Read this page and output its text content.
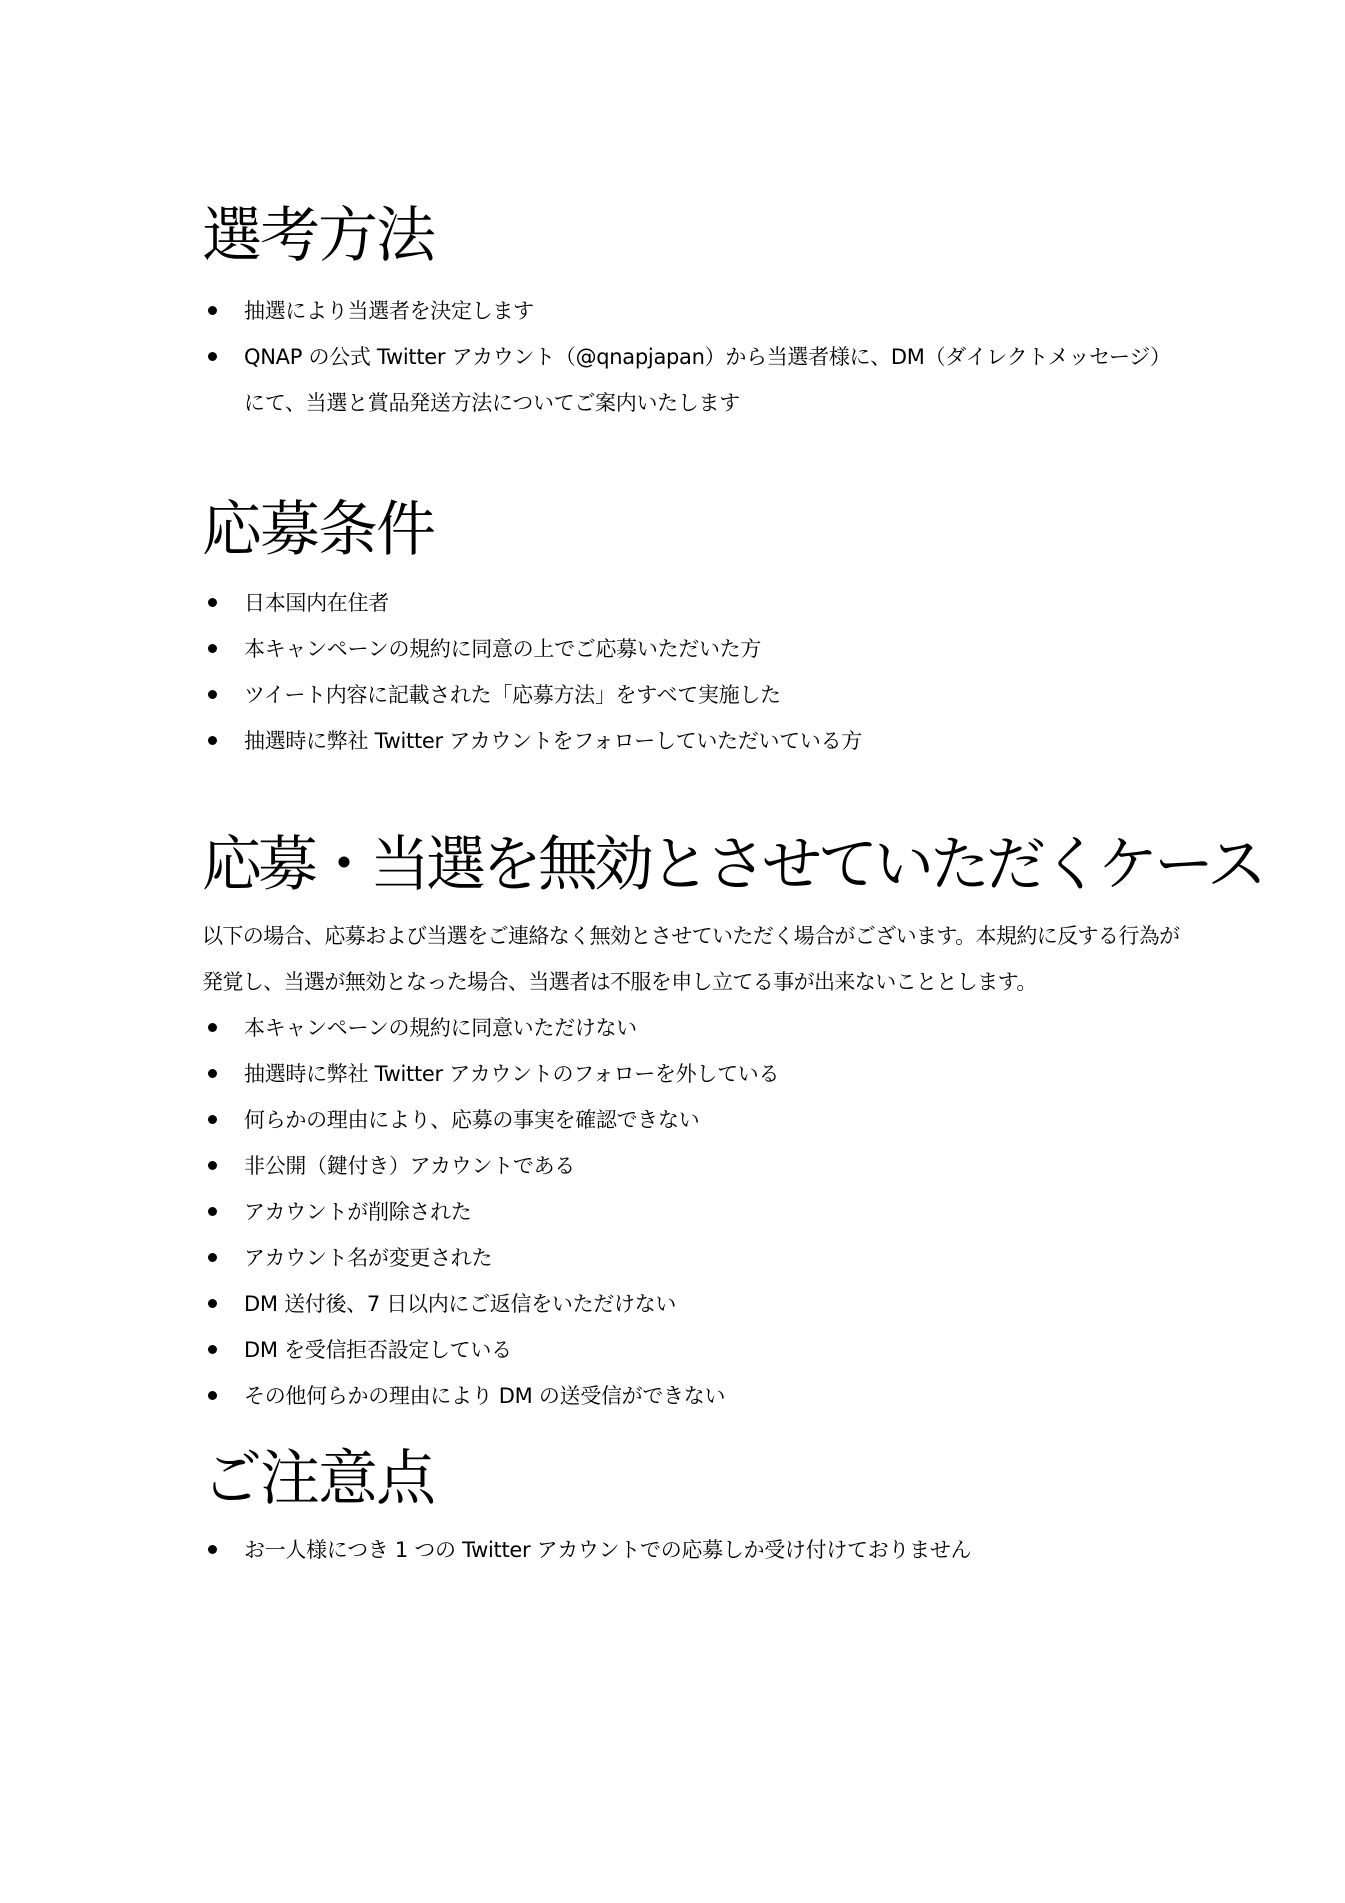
選考方法
抽選により当選者を決定します
QNAP の公式 Twitter アカウント（@qnapjapan）から当選者様に、DM（ダイレクトメッセージ）にて、当選と賞品発送方法についてご案内いたします
応募条件
日本国内在住者
本キャンペーンの規約に同意の上でご応募いただいた方
ツイート内容に記載された「応募方法」をすべて実施した
抽選時に弊社 Twitter アカウントをフォローしていただいている方
応募・当選を無効とさせていただくケース

以下の場合、応募および当選をご連絡なく無効とさせていただく場合がございます。本規約に反する行為が発覚し、当選が無効となった場合、当選者は不服を申し立てる事が出来ないこととします。

本キャンペーンの規約に同意いただけない
抽選時に弊社 Twitter アカウントのフォローを外している
何らかの理由により、応募の事実を確認できない
非公開（鍵付き）アカウントである
アカウントが削除された
アカウント名が変更された
DM 送付後、7 日以内にご返信をいただけない
DM を受信拒否設定している
その他何らかの理由により DM の送受信ができない
ご注意点
お一人様につき 1 つの Twitter アカウントでの応募しか受け付けておりません
